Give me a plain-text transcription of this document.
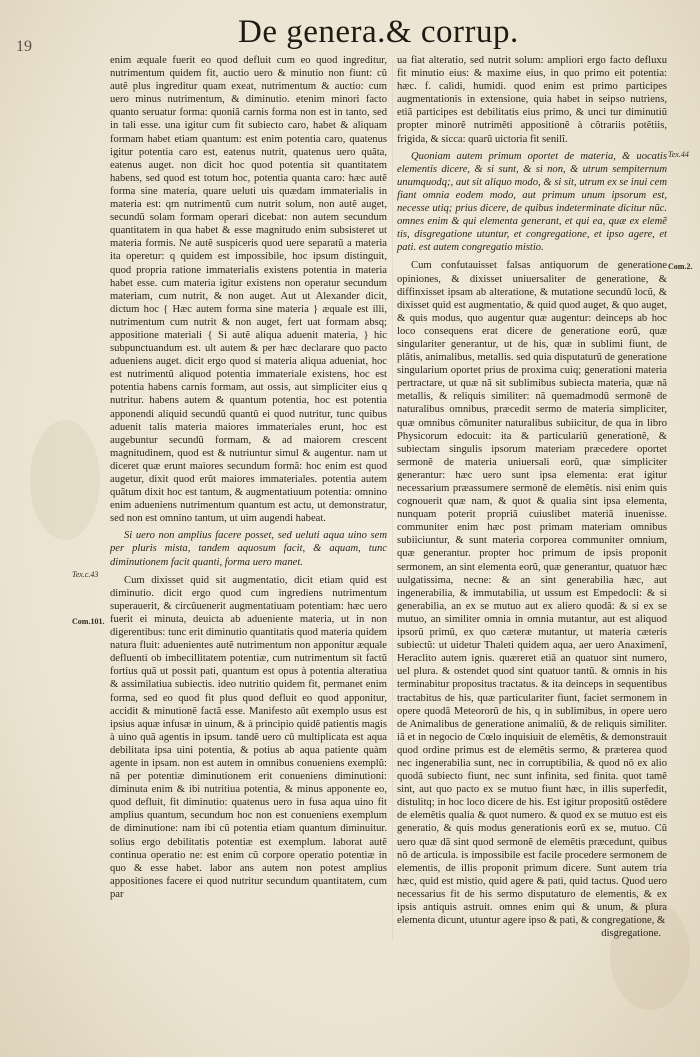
19	De genera.& corrup.

enim æquale fuerit eo quod defluit cum eo quod ingreditur, nutrimentum quidem fit, auctio uero & minutio non fiunt: cũ autẽ plus ingreditur quam exeat, nutrimentum & auctio: cum uero minus nutrimentum, & diminutio. etenim minori facto quanto seruatur forma: quoniã carnis forma non est in tanto, sed in tali esse. una igitur cum fit subiecto caro, habet & aliquam formam habet etiam quantum: est enim potentia caro, quatenus igitur potentia caro est, eatenus nutrit, quatenus uero quãta, eatenus auget. non dicit hoc quod potentia sit quantitatem habens, sed quod est totum hoc, potentia quanta caro: hæc autẽ forma sine materia, quare ueluti uis quædam immaterialis in materia est: qm nutrimentũ cum nutrit solum, non autẽ auget, secundũ solam formam operari dicebat: non autem secundum quantitatem in qua habet & esse magnitudo enim subsisteret ut materia formis. Ne autẽ suspiceris quod uere separatũ a materia ita operetur: q quidem est impossibile, hoc ipsum distinguit, quod propria ratione immaterialis existens potentia in materia habet esse. cum materia igitur existens non operatur secundum materiam, cum nutrit, & non auget. Aut ut Alexander dicit, dictum hoc { Hæc autem forma sine materia } æquale est illi, nutrimentum cum nutrit & non auget, fert uat formam absq; appositione materiali { Si autẽ aliqua aduenit materia, } hic subpunctuandum est. ult autem & per hæc declarare quo pacto adueniens auget. dicit ergo quod si materia aliqua adueniat, hoc est nutrimentũ aliquod potentia immateriale existens, hoc est potentia habens carnis formam, aut ossis, aut simpliciter eius q nutritur. habens autem & quantum potentia, hoc est potentia apponendi aliquid secundũ quantũ ei quod nutritur, tunc quibus aduenit talis materia maiores immateriales erunt, hoc est augebuntur secundũ formam, & ad maiorem crescent magnitudinem, quod est & nutriuntur simul & augentur. nam ut diceret quæ erunt maiores secundum formã: hoc enim est quod augetur, dixit quod erũt maiores immateriales. potentia autem quãtum dixit hoc est tantum, & augmentatiuum potentia: omnino enim adueniens nutrimentum quantum est actu, ut demonstratur, sed non est omnino tantum, ut uim augendi habeat.

Si uero non amplius facere posset, sed ueluti aqua uino sem per pluris mista, tandem aquosum facit, & aquam, tunc diminutionem facit quanti, forma uero manet.

Cum dixisset quid sit augmentatio, dicit etiam quid est diminutio. dicit ergo quod cum ingrediens nutrimentum superauerit, & circũuenerit augmentatiuam potentiam: hæc uero fuerit ei minuta, deuicta ab adueniente materia, ut in non digerentibus: tunc erit diminutio quantitatis quod materia quidem natura fluit: aduenientes autẽ nutrimentum non apponitur æquale defluenti ob imbecillitatem potentiæ, cum nutrimentum sit factũ fortius quã ut possit pati, quantum est opus à potentia alteratiua & assimilatiua subiectis. ideo nutritio quidem fit, permanet enim forma, sed eo quod fit plus quod defluit eo quod apponitur, accidit & minutionẽ factã esse. Manifesto aũt exemplo usus est ipsius aquæ infusæ in uinum, & à principio quidẽ patientis magis à uino quã agentis in ipsum. tandẽ uero cũ multiplicata est aqua debilitata ipsa uini potentia, & potius ab aqua patiente quàm agente in ipsam. non est autem in omnibus conueniens exemplũ: nã per potentiæ diminutionem erit conueniens diminutioni: diminuta enim & ibi nutritiua potentia, & minus apponente eo, quod defluit, fit diminutio: quatenus uero in fusa aqua uino fit amplius quantum, secundum hoc non est conueniens exemplum de diminutione: nam ibi cũ potentia etiam quantum diminuitur. solius ergo debilitatis potentiæ est exemplum. laborat autẽ continua operatio ne: est enim cũ corpore operatio potentiæ in quo & esse habet. labor ans autem non potest amplius appositiones facere ei quod nutritur secundum quantitatem, cum par

ua fiat alteratio, sed nutrit solum: ampliori ergo facto defluxu fit minutio eius: & maxime eius, in quo primo eit potentia: hæc. f. calidi, humidi. quod enim est primo participes augmentationis in extensione, quia habet in seipso nutriens, etiã participes est debilitatis eius primo, & unci tur diminutiũ propter minorẽ nutrimẽti appositionẽ à cõtrariis potẽtiis, frigida, & sicca: quarũ uictoria fit senilĩ.

Quoniam autem primum oportet de materia, & uocatis elementis dicere, & si sunt, & si non, & utrum sempiternum unumquodq;, aut sit aliquo modo, & si sit, utrum ex se inui cem fiant omnia eodem modo, aut primum unum ipsorum est, necesse utiq; prius dicere, de quibus indeterminate dicitur nũc. omnes enim & qui elementa generant, et qui ea, quæ ex elemẽ tis, disgregatione utuntur, et congregatione, et ipso agere, et pati. est autem congregatio mistio.

Cum confutauisset falsas antiquorum de generatione opiniones, & dixisset uniuersaliter de generatione, & diffinxisset ipsam ab alteratione, & mutatione secundũ locũ, & dixisset quid est augmentatio, & quid quod auget, & quo auget, & quis modus, quo augentur quæ augentur: deinceps ab hoc loco consequens erat dicere de generatione eorũ, quæ singulariter generantur, ut de his, quæ in sublimi fiunt, de plãtis, animalibus, metallis. sed quia disputaturũ de generatione singularium oportet prius de proxima cuiq; generationi materia pertractare, ut quæ nã sit sublimibus subiecta materia, quæ nã metallis, & reliquis similiter: nã quemadmodũ sermonẽ de naturalibus omnibus, præcedit sermo de materia simpliciter, quæ omnibus cõmuniter naturalibus subiicitur, de qua in libro Physicorum edocuit: ita & particulariũ generationẽ, & subiectam singulis ipsorum materiam præcedere oportet sermonẽ de materia uniuersali eorũ, quæ simpliciter generantur: hæc uero sunt ipsa elementa: erat igitur necessarium præassumere sermonẽ de elemẽtis. nisi enim quis cognouerit quæ nam, & quot & qualia sint ipsa elementa, nunquam poterit propriã cuiuslibet materiã inuenisse. communiter enim hæc post primam materiam omnibus subiiciuntur, & sunt materia corporea communiter omnium, quæ generantur. propter hoc primum de ipsis proponit sermonem, an sint elementa eorũ, quæ generantur, quatuor hæc uulgatissima, necne: & an sint generabilia hæc, aut ingenerabilia, & immutabilia, ut ussum est Empedocli: & si generabilia, an ex se mutuo aut ex aliero quodã: & si ex se mutuo, an similiter omnia in omnia mutantur, aut est aliquod ipsorũ primũ, ex quo cæteræ mutantur, ut materia cæteris subiectũ: ut uidetur Thaleti quidem aqua, aer uero Anaximenĩ, Heraclito autem ignis. quæreret etiã an quatuor sint numero, uel plura. & ostendet quod sint quatuor tantũ. & omnis in his terminabitur propositus tractatus. & ita deinceps in sequentibus tractabitus de his, quæ particulariter fiunt, faciet sermonem in opere quodã Meteororũ de his, q in sublimibus, in opere uero de Animalibus de generatione animaliũ, & de reliquis similiter. iã et in negocio de Cœlo inquisiuit de elemẽtis, & demonstrauit quod ordine primus est de elemẽtis sermo, & præterea quod nec ingenerabilia sunt, nec in corruptibilia, & quod nõ ex alio quodã subiecto fiunt, nec sunt infinita, sed finita. quot tamẽ sint, aut quo pacto ex se mutuo fiunt hæc, in illis superfedit, distulitq; in hoc loco dicere de his. Est igitur propositũ ostẽdere de elemẽtis qualia & quot numero. & quod ex se mutuo est eis generatio, & quis modus generationis eorũ ex se, mutuo. Cũ uero quæ dã sint quod sermonẽ de elemẽtis præcedunt, quibus nõ de articula. is impossibile est facile procedere sermonem de elementis, de illis proponit primum dicere. Sunt autem tria hæc, quid est mistio, quid agere & pati, quid tactus. Quod uero necessarius fit de his sermo disputaturo de elementis, & ex ipsis antiquis astruit. omnes enim qui & unum, & plura elementa dicunt, utuntur agere ipso & pati, & congregatione, &

disgregatione.

Tex.44
Com.2.
Tex.c.43
Com.101.
